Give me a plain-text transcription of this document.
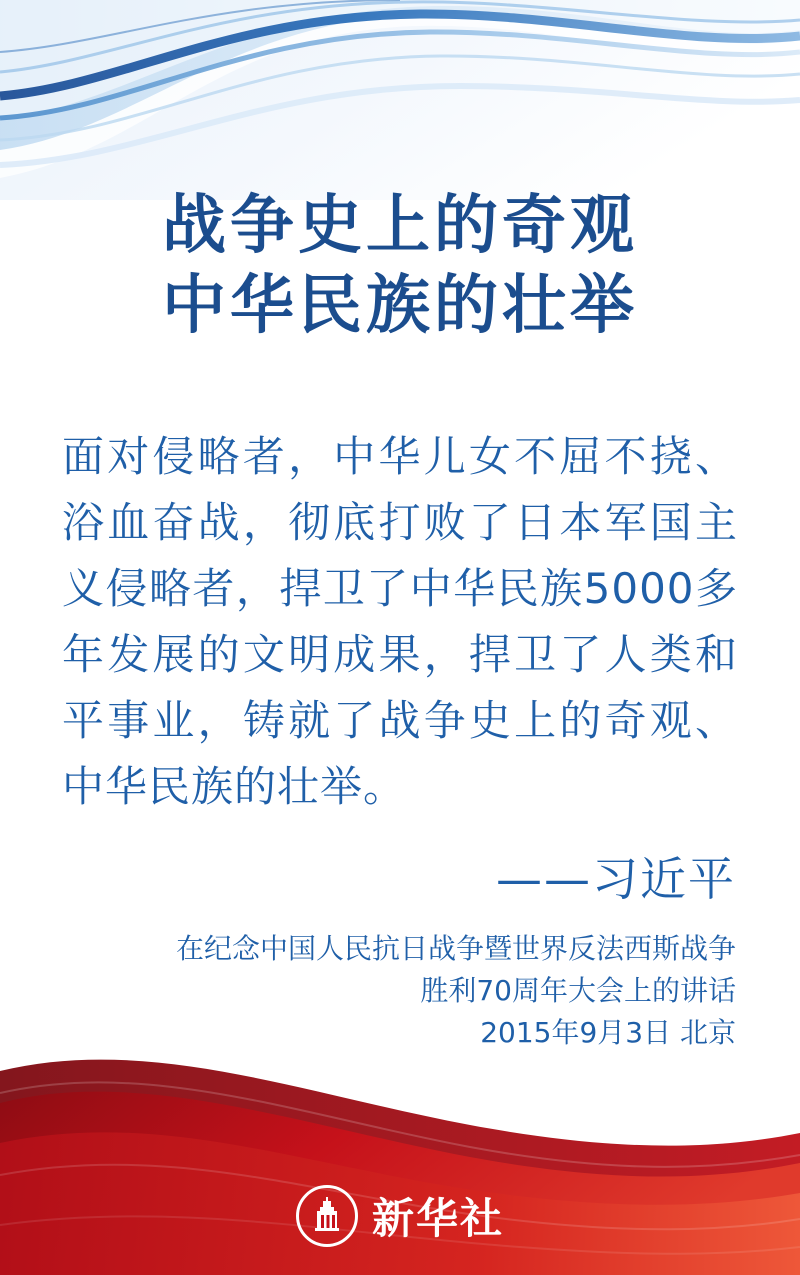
战争史上的奇观
中华民族的壮举
面对侵略者，中华儿女不屈不挠、浴血奋战，彻底打败了日本军国主义侵略者，捍卫了中华民族5000多年发展的文明成果，捍卫了人类和平事业，铸就了战争史上的奇观、中华民族的壮举。
——习近平
在纪念中国人民抗日战争暨世界反法西斯战争
胜利70周年大会上的讲话
2015年9月3日 北京
新华社
